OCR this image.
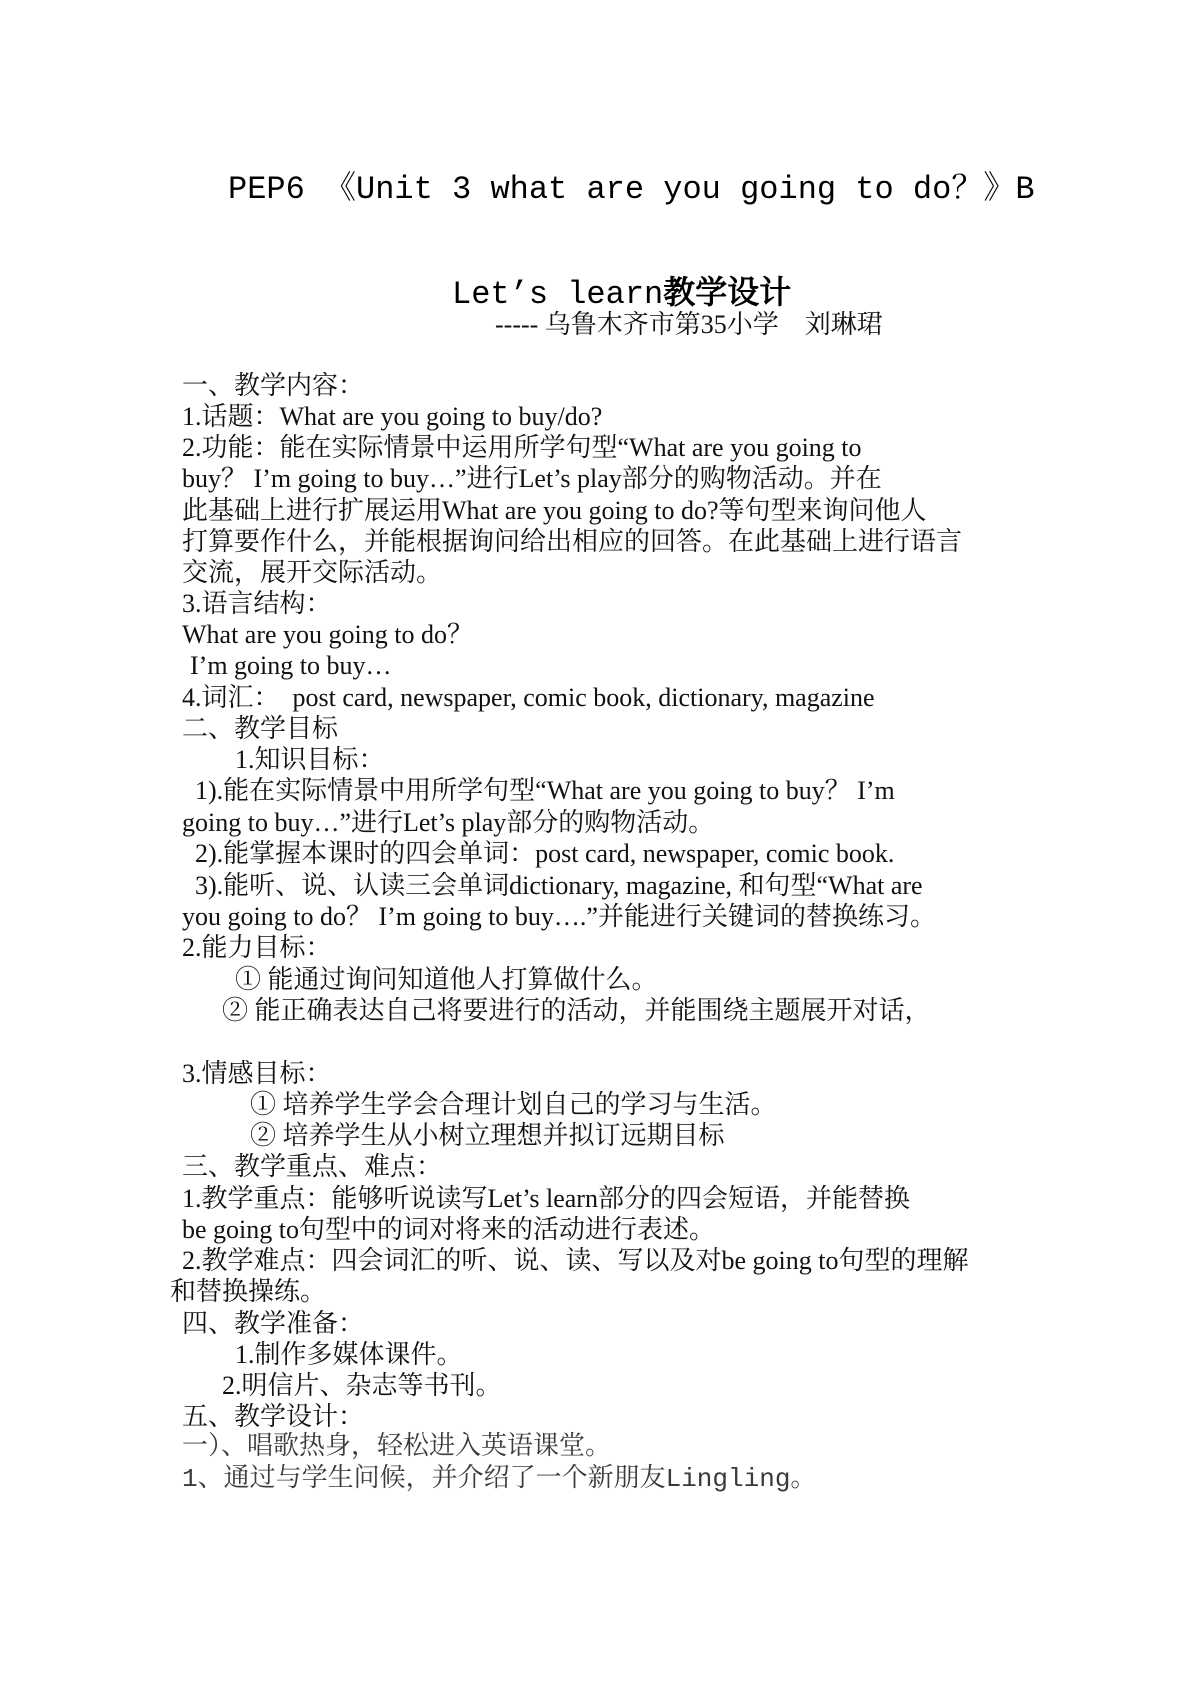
PEP6 《Unit 3 what are you going to do？》B

Let’s learn教学设计

----- 乌鲁木齐市第35小学　刘琳珺
一、教学内容：
1.话题：What are you going to buy/do?
2.功能：能在实际情景中运用所学句型“What are you going to
buy？ I’m going to buy…”进行Let’s play部分的购物活动。并在
此基础上进行扩展运用What are you going to do?等句型来询问他人
打算要作什么，并能根据询问给出相应的回答。在此基础上进行语言
交流，展开交际活动。
3.语言结构：
What are you going to do？
I’m going to buy…
4.词汇：  post card, newspaper, comic book, dictionary, magazine
二、教学目标
1.知识目标：
1).能在实际情景中用所学句型“What are you going to buy？ I’m
going to buy…”进行Let’s play部分的购物活动。
2).能掌握本课时的四会单词：post card, newspaper, comic book.
3).能听、说、认读三会单词dictionary, magazine, 和句型“What are
you going to do？ I’m going to buy….”并能进行关键词的替换练习。
2.能力目标：
① 能通过询问知道他人打算做什么。
② 能正确表达自己将要进行的活动，并能围绕主题展开对话，
3.情感目标：
① 培养学生学会合理计划自己的学习与生活。
② 培养学生从小树立理想并拟订远期目标
三、教学重点、难点：
1.教学重点：能够听说读写Let’s learn部分的四会短语，并能替换
be going to句型中的词对将来的活动进行表述。
2.教学难点：四会词汇的听、说、读、写以及对be going to句型的理解
和替换操练。
四、教学准备：
1.制作多媒体课件。
2.明信片、杂志等书刊。
五、教学设计：
一）、唱歌热身，轻松进入英语课堂。
1、通过与学生问候，并介绍了一个新朋友Lingling。
